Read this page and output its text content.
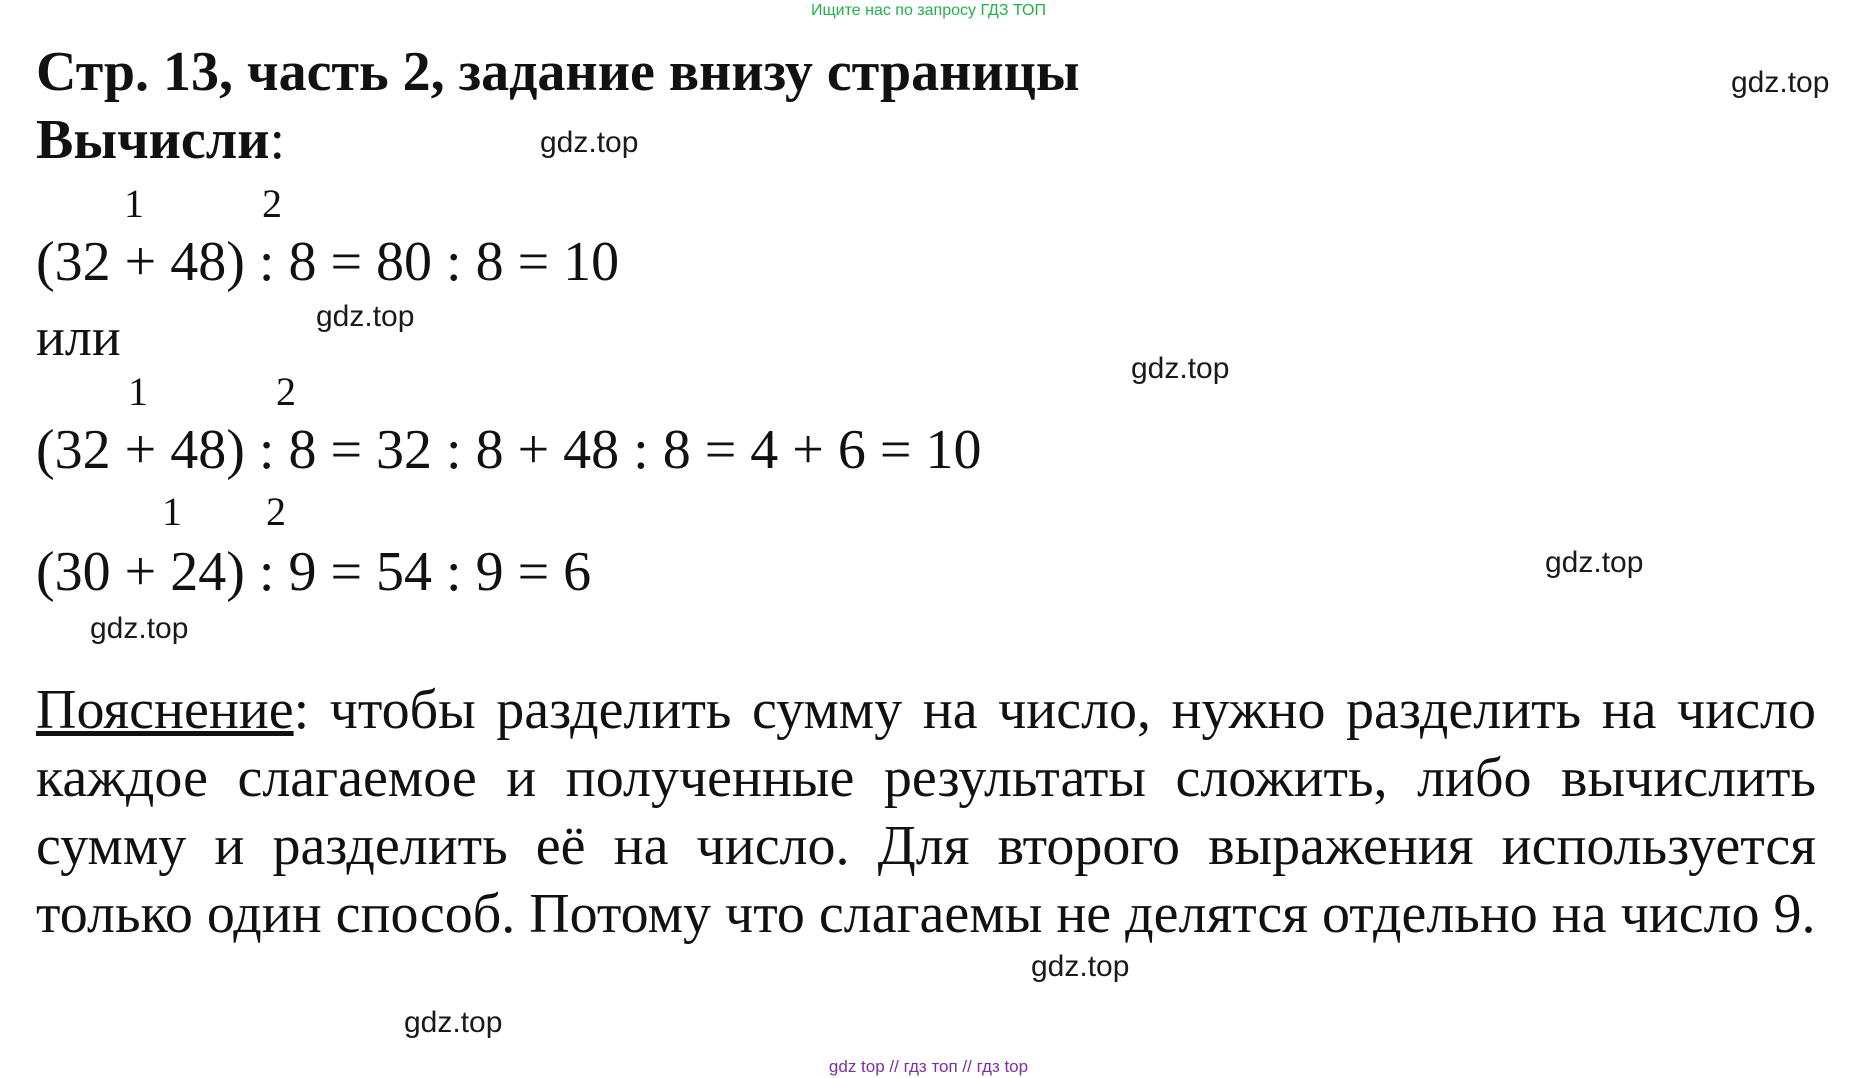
Ищите нас по запросу ГДЗ ТОП
Стр. 13, часть 2, задание внизу страницы
Вычисли:
1	2
(32 + 48) : 8 = 80 : 8 = 10
или
1	2
(32 + 48) : 8 = 32 : 8 + 48 : 8 = 4 + 6 = 10
1 2
(30 + 24) : 9 = 54 : 9 = 6
Пояснение: чтобы разделить сумму на число, нужно разделить на число каждое слагаемое и полученные результаты сложить, либо вычислить сумму и разделить её на число. Для второго выражения используется только один способ. Потому что слагаемы не делятся отдельно на число 9.
gdz.top
gdz.top
gdz.top
gdz.top
gdz.top
gdz.top
gdz.top
gdz.top
gdz top // гдз топ // гдз top
